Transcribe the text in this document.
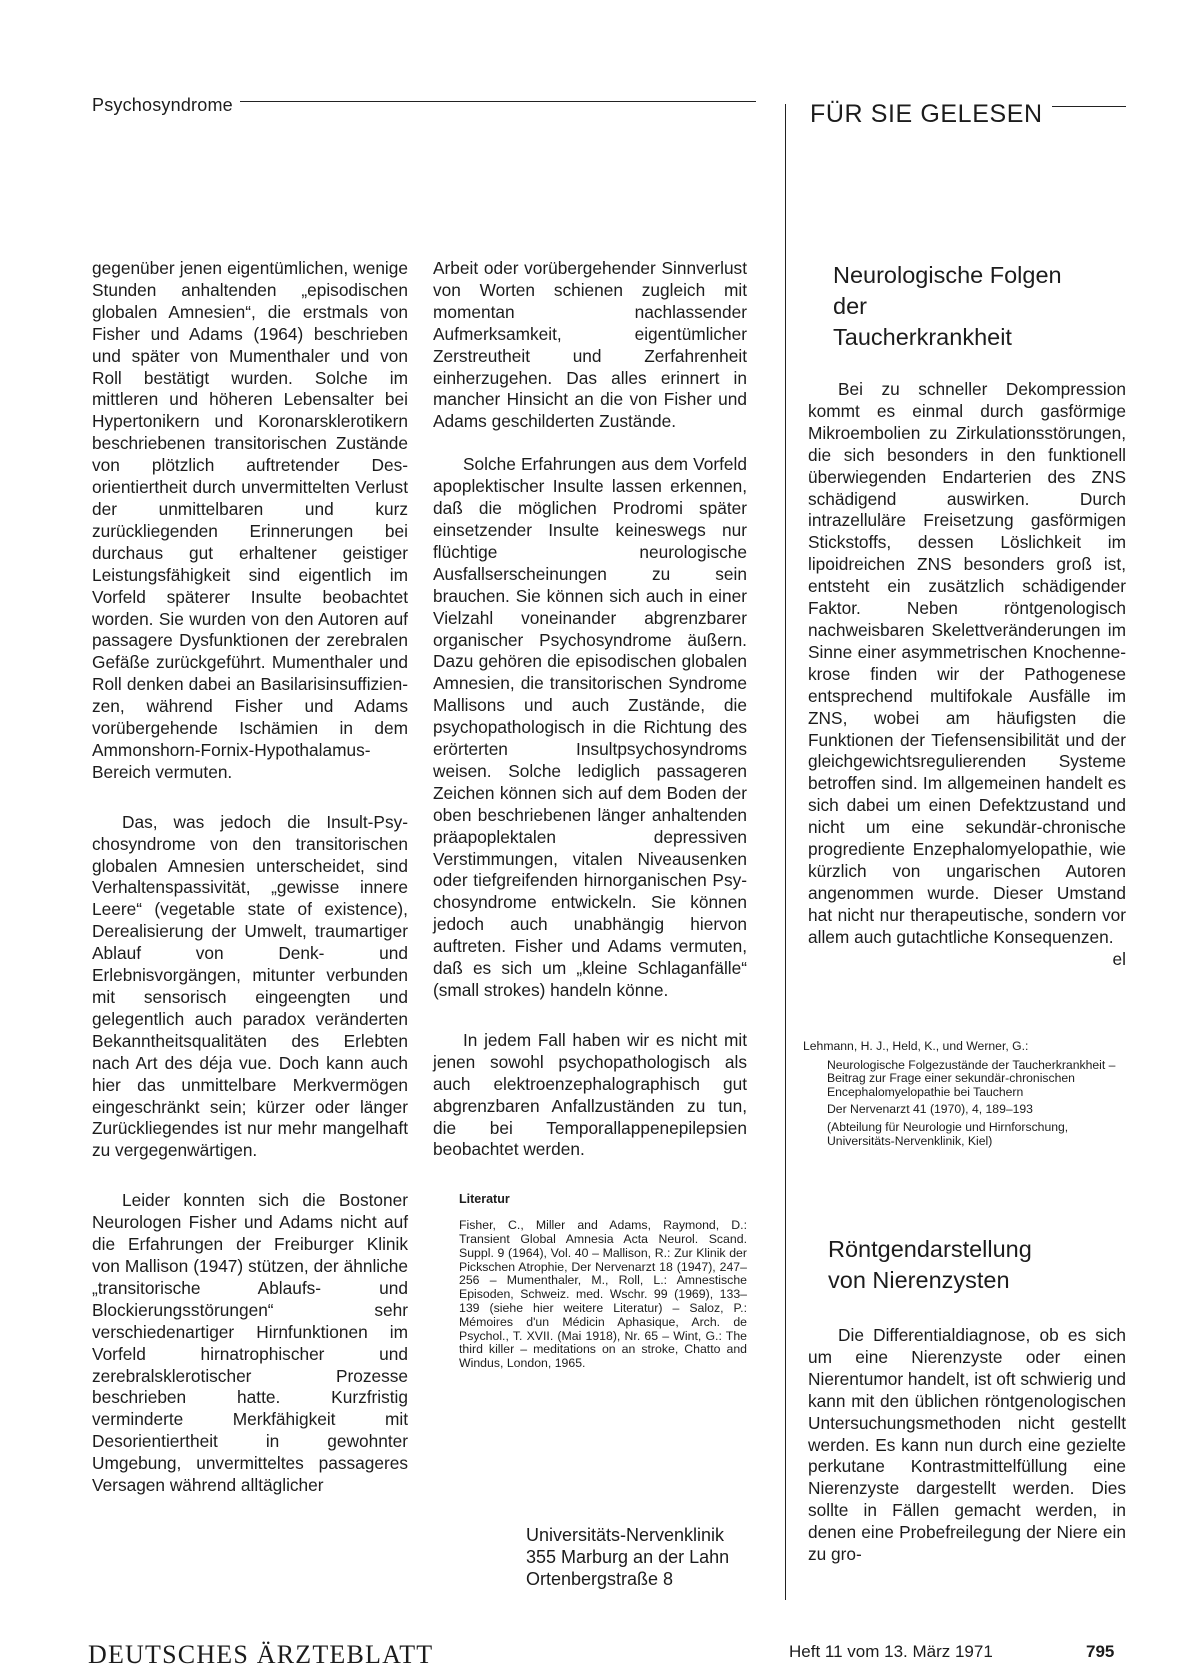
Psychosyndrome	FÜR SIE GELESEN

gegenüber jenen eigentümlichen, wenige Stunden anhaltenden „episodischen globalen Amnesien“, die erstmals von Fisher und Adams (1964) beschrieben und später von Mumenthaler und von Roll bestätigt wurden. Solche im mittleren und höheren Lebensalter bei Hypertonikern und Koronarsklerotikern beschriebenen transitorischen Zustände von plötzlich auftretender Desorientiertheit durch unvermittelten Verlust der unmittelbaren und kurz zurückliegenden Erinnerungen bei durchaus gut erhaltener geistiger Leistungsfähigkeit sind eigentlich im Vorfeld späterer Insulte beobachtet worden. Sie wurden von den Autoren auf passagere Dysfunktionen der zerebralen Gefäße zurückgeführt. Mumenthaler und Roll denken dabei an Basilarisinsuffizienzen, während Fisher und Adams vorübergehende Ischämien in dem Ammonshorn-Fornix-Hypothalamus-Bereich vermuten.

Das, was jedoch die Insult-Psychosyndrome von den transitorischen globalen Amnesien unterscheidet, sind Verhaltenspassivität, „gewisse innere Leere“ (vegetable state of existence), Derealisierung der Umwelt, traumartiger Ablauf von Denk- und Erlebnisvorgängen, mitunter verbunden mit sensorisch eingeengten und gelegentlich auch paradox veränderten Bekanntheitsqualitäten des Erlebten nach Art des déja vue. Doch kann auch hier das unmittelbare Merkvermögen eingeschränkt sein; kürzer oder länger Zurückliegendes ist nur mehr mangelhaft zu vergegenwärtigen.

Leider konnten sich die Bostoner Neurologen Fisher und Adams nicht auf die Erfahrungen der Freiburger Klinik von Mallison (1947) stützen, der ähnliche „transitorische Ablaufs- und Blockierungsstörungen“ sehr verschiedenartiger Hirnfunktionen im Vorfeld hirnatrophischer und zerebralsklerotischer Prozesse beschrieben hatte. Kurzfristig verminderte Merkfähigkeit mit Desorientiertheit in gewohnter Umgebung, unvermitteltes passageres Versagen während alltäglicher

Arbeit oder vorübergehender Sinnverlust von Worten schienen zugleich mit momentan nachlassender Aufmerksamkeit, eigentümlicher Zerstreutheit und Zerfahrenheit einherzugehen. Das alles erinnert in mancher Hinsicht an die von Fisher und Adams geschilderten Zustände.

Solche Erfahrungen aus dem Vorfeld apoplektischer Insulte lassen erkennen, daß die möglichen Prodromi später einsetzender Insulte keineswegs nur flüchtige neurologische Ausfallserscheinungen zu sein brauchen. Sie können sich auch in einer Vielzahl voneinander abgrenzbarer organischer Psychosyndrome äußern. Dazu gehören die episodischen globalen Amnesien, die transitorischen Syndrome Mallisons und auch Zustände, die psychopathologisch in die Richtung des erörterten Insultpsychosyndroms weisen. Solche lediglich passageren Zeichen können sich auf dem Boden der oben beschriebenen länger anhaltenden präapoplektalen depressiven Verstimmungen, vitalen Niveausenken oder tiefgreifenden hirnorganischen Psychosyndrome entwickeln. Sie können jedoch auch unabhängig hiervon auftreten. Fisher und Adams vermuten, daß es sich um „kleine Schlaganfälle“ (small strokes) handeln könne.

In jedem Fall haben wir es nicht mit jenen sowohl psychopathologisch als auch elektroenzephalographisch gut abgrenzbaren Anfallzuständen zu tun, die bei Temporallappenepilepsien beobachtet werden.

Literatur
Fisher, C., Miller and Adams, Raymond, D.: Transient Global Amnesia Acta Neurol. Scand. Suppl. 9 (1964), Vol. 40 – Mallison, R.: Zur Klinik der Pickschen Atrophie, Der Nervenarzt 18 (1947), 247–256 – Mumenthaler, M., Roll, L.: Amnestische Episoden, Schweiz. med. Wschr. 99 (1969), 133–139 (siehe hier weitere Literatur) – Saloz, P.: Mémoires d'un Médicin Aphasique, Arch. de Psychol., T. XVII. (Mai 1918), Nr. 65 – Wint, G.: The third killer – meditations on an stroke, Chatto and Windus, London, 1965.
Universitäts-Nervenklinik
355 Marburg an der Lahn
Ortenbergstraße 8
Neurologische Folgen
der
Taucherkrankheit

Bei zu schneller Dekompression kommt es einmal durch gasförmige Mikroembolien zu Zirkulationsstörungen, die sich besonders in den funktionell überwiegenden Endarterien des ZNS schädigend auswirken. Durch intrazelluläre Freisetzung gasförmigen Stickstoffs, dessen Löslichkeit im lipoidreichen ZNS besonders groß ist, entsteht ein zusätzlich schädigender Faktor. Neben röntgenologisch nachweisbaren Skelettveränderungen im Sinne einer asymmetrischen Knochennekrose finden wir der Pathogenese entsprechend multifokale Ausfälle im ZNS, wobei am häufigsten die Funktionen der Tiefensensibilität und der gleichgewichtsregulierenden Systeme betroffen sind. Im allgemeinen handelt es sich dabei um einen Defektzustand und nicht um eine sekundär-chronische progrediente Enzephalomyelopathie, wie kürzlich von ungarischen Autoren angenommen wurde. Dieser Umstand hat nicht nur therapeutische, sondern vor allem auch gutachtliche Konsequenzen.
el

Lehmann, H. J., Held, K., und Werner, G.:
Neurologische Folgezustände der Taucherkrankheit – Beitrag zur Frage einer sekundär-chronischen Encephalomyelopathie bei Tauchern
Der Nervenarzt 41 (1970), 4, 189–193
(Abteilung für Neurologie und Hirnforschung, Universitäts-Nervenklinik, Kiel)
Röntgendarstellung
von Nierenzysten

Die Differentialdiagnose, ob es sich um eine Nierenzyste oder einen Nierentumor handelt, ist oft schwierig und kann mit den üblichen röntgenologischen Untersuchungsmethoden nicht gestellt werden. Es kann nun durch eine gezielte perkutane Kontrastmittelfüllung eine Nierenzyste dargestellt werden. Dies sollte in Fällen gemacht werden, in denen eine Probefreilegung der Niere ein zu gro-

DEUTSCHES ÄRZTEBLATT	Heft 11 vom 13. März 1971	795
